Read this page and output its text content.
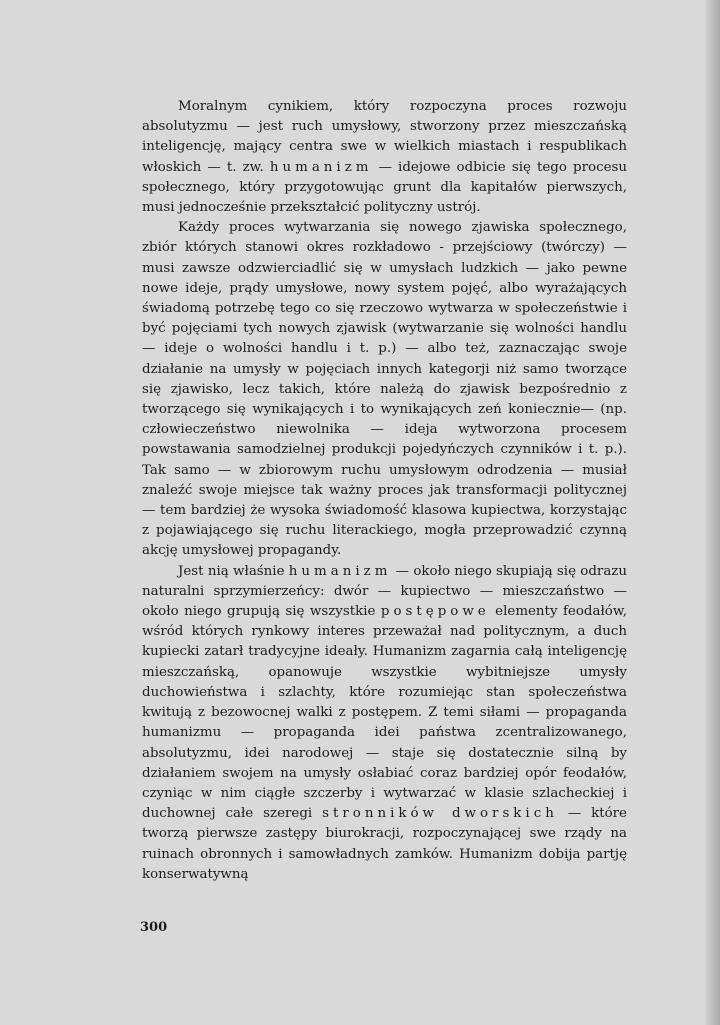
Moralnym cynikiem, który rozpoczyna proces rozwoju absolutyzmu — jest ruch umysłowy, stworzony przez mieszczańską inteligencję, mający centra swe w wielkich miastach i respublikach włoskich — t. zw. humanizm — idejowe odbicie się tego procesu społecznego, który przygotowując grunt dla kapitałów pierwszych, musi jednocześnie przekształcić polityczny ustrój.

Każdy proces wytwarzania się nowego zjawiska społecznego, zbiór których stanowi okres rozkładowo - przejściowy (twórczy) — musi zawsze odzwierciadlić się w umysłach ludzkich — jako pewne nowe ideje, prądy umysłowe, nowy system pojęć, albo wyrażających świadomą potrzebę tego co się rzeczowo wytwarza w społeczeństwie i być pojęciami tych nowych zjawisk (wytwarzanie się wolności handlu — ideje o wolności handlu i t. p.) — albo też, zaznaczając swoje działanie na umysły w pojęciach innych kategorji niż samo tworzące się zjawisko, lecz takich, które należą do zjawisk bezpośrednio z tworzącego się wynikających i to wynikających zeń koniecznie— (np. człowieczeństwo niewolnika — ideja wytworzona procesem powstawania samodzielnej produkcji pojedyńczych czynników i t. p.). Tak samo — w zbiorowym ruchu umysłowym odrodzenia — musiał znaleźć swoje miejsce tak ważny proces jak transformacji politycznej — tem bardziej że wysoka świadomość klasowa kupiectwa, korzystając z pojawiającego się ruchu literackiego, mogła przeprowadzić czynną akcję umysłowej propagandy.

Jest nią właśnie humanizm — około niego skupiają się odrazu naturalni sprzymierzeńcy: dwór — kupiectwo — mieszczaństwo — około niego grupują się wszystkie postępowe elementy feodałów, wśród których rynkowy interes przeważał nad politycznym, a duch kupiecki zatarł tradycyjne ideały. Humanizm zagarnia całą inteligencję mieszczańską, opanowuje wszystkie wybitniejsze umysły duchowieństwa i szlachty, które rozumiejąc stan społeczeństwa kwitują z bezowocnej walki z postępem. Z temi siłami — propaganda humanizmu — propaganda idei państwa zcentralizowanego, absolutyzmu, idei narodowej — staje się dostatecznie silną by działaniem swojem na umysły osłabiać coraz bardziej opór feodałów, czyniąc w nim ciągłe szczerby i wytwarzać w klasie szlacheckiej i duchownej całe szeregi stronników dworskich — które tworzą pierwsze zastępy biurokracji, rozpoczynającej swe rządy na ruinach obronnych i samowładnych zamków. Humanizm dobija partję konserwatywną

300
